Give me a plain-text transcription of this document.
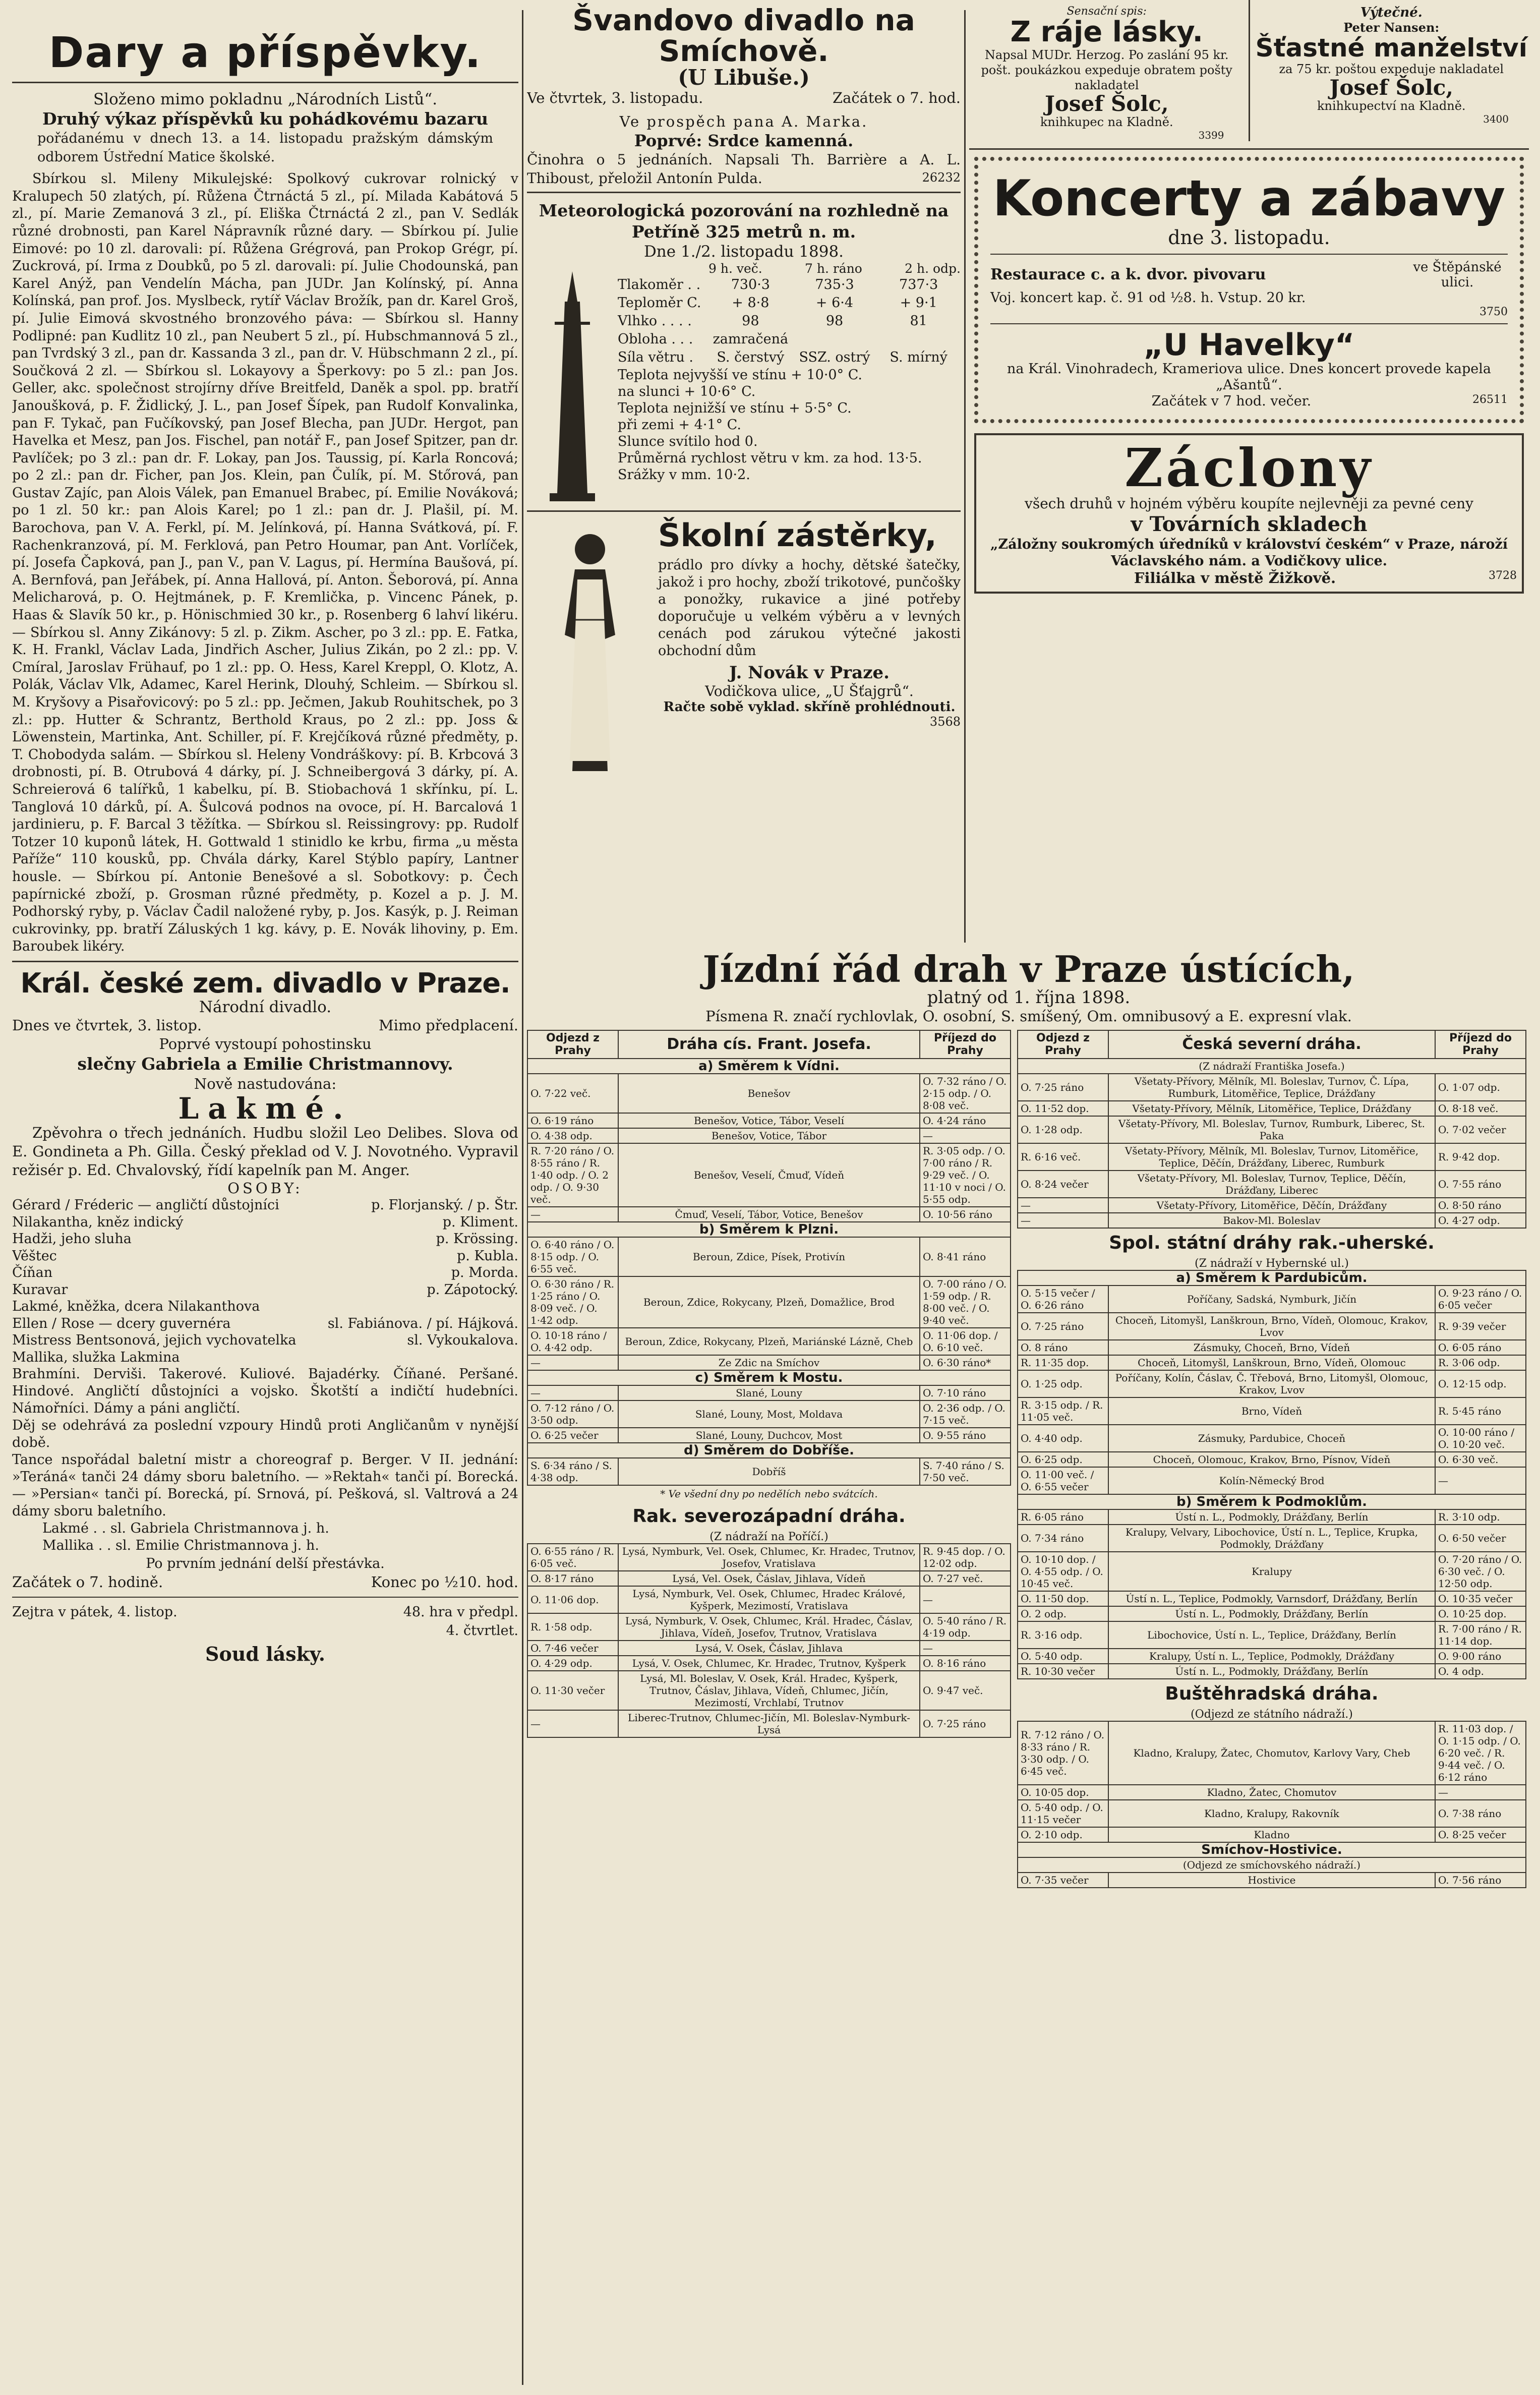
Dary a příspěvky.
Složeno mimo pokladnu „Národních Listů“.
Druhý výkaz příspěvků ku pohádkovému bazaru
pořádanému v dnech 13. a 14. listopadu pražským dámským odborem Ústřední Matice školské.
Sbírkou sl. Mileny Mikulejské: Spolkový cukrovar rolnický v Kralupech 50 zlatých, pí. Růžena Čtrnáctá 5 zl., pí. Milada Kabátová 5 zl., pí. Marie Zemanová 3 zl., pí. Eliška Čtrnáctá 2 zl., pan V. Sedlák různé drobnosti, pan Karel Nápravník různé dary. — Sbírkou pí. Julie Eimové: po 10 zl. darovali: pí. Růžena Grégrová, pan Prokop Grégr, pí. Zuckrová, pí. Irma z Doubků, po 5 zl. darovali: pí. Julie Chodounská, pan Karel Anýž, pan Vendelín Mácha, pan JUDr. Jan Kolínský, pí. Anna Kolínská, pan prof. Jos. Myslbeck, rytíř Václav Brožík, pan dr. Karel Groš, pí. Julie Eimová skvostného bronzového páva: — Sbírkou sl. Hanny Podlipné: pan Kudlitz 10 zl., pan Neubert 5 zl., pí. Hubschmannová 5 zl., pan Tvrdský 3 zl., pan dr. Kassanda 3 zl., pan dr. V. Hübschmann 2 zl., pí. Součková 2 zl. — Sbírkou sl. Lokayovy a Šperkovy: po 5 zl.: pan Jos. Geller, akc. společnost strojírny dříve Breitfeld, Daněk a spol. pp. bratří Janoušková, p. F. Židlický, J. L., pan Josef Šípek, pan Rudolf Konvalinka, pan F. Tykač, pan Fučíkovský, pan Josef Blecha, pan JUDr. Hergot, pan Havelka et Mesz, pan Jos. Fischel, pan notář F., pan Josef Spitzer, pan dr. Pavlíček; po 3 zl.: pan dr. F. Lokay, pan Jos. Taussig, pí. Karla Roncová; po 2 zl.: pan dr. Ficher, pan Jos. Klein, pan Čulík, pí. M. Stőrová, pan Gustav Zajíc, pan Alois Válek, pan Emanuel Brabec, pí. Emilie Nováková; po 1 zl. 50 kr.: pan Alois Karel; po 1 zl.: pan dr. J. Plašil, pí. M. Barochova, pan V. A. Ferkl, pí. M. Jelínková, pí. Hanna Svátková, pí. F. Rachenkranzová, pí. M. Ferklová, pan Petro Houmar, pan Ant. Vorlíček, pí. Josefa Čapková, pan J., pan V., pan V. Lagus, pí. Hermína Baušová, pí. A. Bernfová, pan Jeřábek, pí. Anna Hallová, pí. Anton. Šeborová, pí. Anna Melicharová, p. O. Hejtmánek, p. F. Kremlička, p. Vincenc Pánek, p. Haas & Slavík 50 kr., p. Hönischmied 30 kr., p. Rosenberg 6 lahví likéru. — Sbírkou sl. Anny Zikánovy: 5 zl. p. Zikm. Ascher, po 3 zl.: pp. E. Fatka, K. H. Frankl, Václav Lada, Jindřich Ascher, Julius Zikán, po 2 zl.: pp. V. Cmíral, Jaroslav Frühauf, po 1 zl.: pp. O. Hess, Karel Kreppl, O. Klotz, A. Polák, Václav Vlk, Adamec, Karel Herink, Dlouhý, Schleim. — Sbírkou sl. M. Kryšovy a Pisařovicový: po 5 zl.: pp. Ječmen, Jakub Rouhitschek, po 3 zl.: pp. Hutter & Schrantz, Berthold Kraus, po 2 zl.: pp. Joss & Löwenstein, Martinka, Ant. Schiller, pí. F. Krejčíková různé předměty, p. T. Chobodyda salám. — Sbírkou sl. Heleny Vondráškovy: pí. B. Krbcová 3 drobnosti, pí. B. Otrubová 4 dárky, pí. J. Schneibergová 3 dárky, pí. A. Schreierová 6 talířků, 1 kabelku, pí. B. Stiobachová 1 skřínku, pí. L. Tanglová 10 dárků, pí. A. Šulcová podnos na ovoce, pí. H. Barcalová 1 jardinieru, p. F. Barcal 3 těžítka. — Sbírkou sl. Reissingrovy: pp. Rudolf Totzer 10 kuponů látek, H. Gottwald 1 stinidlo ke krbu, firma „u města Paříže“ 110 kousků, pp. Chvála dárky, Karel Stýblo papíry, Lantner housle. — Sbírkou pí. Antonie Benešové a sl. Sobotkovy: p. Čech papírnické zboží, p. Grosman různé předměty, p. Kozel a p. J. M. Podhorský ryby, p. Václav Čadil naložené ryby, p. Jos. Kasýk, p. J. Reiman cukrovinky, pp. bratří Záluských 1 kg. kávy, p. E. Novák lihoviny, p. Em. Baroubek likéry.
Král. české zem. divadlo v Praze.
Národní divadlo.
Dnes ve čtvrtek, 3. listop.	Mimo předplacení.
Poprvé vystoupí pohostinsku
slečny Gabriela a Emilie Christmannovy.
Nově nastudována:
Lakmé.
Zpěvohra o třech jednáních. Hudbu složil Leo Delibes. Slova od E. Gondineta a Ph. Gilla. Český překlad od V. J. Novotného. Vypravil režisér p. Ed. Chvalovský, řídí kapelník pan M. Anger.
OSOBY:
Gérard / Fréderic — angličtí důstojníci	p. Florjanský. / p. Štr.
Nilakantha, kněz indický	p. Kliment.
Hadži, jeho sluha	p. Krössing.
Věštec	p. Kubla.
Číňan	p. Morda.
Kuravar	p. Zápotocký.
Lakmé, kněžka, dcera Nilakanthova
Ellen / Rose — dcery guvernéra	sl. Fabiánova. / pí. Hájková.
Mistress Bentsonová, jejich vychovatelka	sl. Vykoukalova.
Mallika, služka Lakmina
Brahmíni. Derviši. Takerové. Kuliové. Bajadérky. Číňané. Peršané. Hindové. Angličtí důstojníci a vojsko. Škotští a indičtí hudebníci. Námořníci. Dámy a páni angličtí.
Děj se odehrává za poslední vzpoury Hindů proti Angličanům v nynější době.
Tance nspořádal baletní mistr a choreograf p. Berger. V II. jednání: »Teráná« tanči 24 dámy sboru baletního. — »Rektah« tanči pí. Borecká. — »Persian« tanči pí. Borecká, pí. Srnová, pí. Pešková, sl. Valtrová a 24 dámy sboru baletního.
Lakmé . . sl. Gabriela Christmannova j. h.
Mallika . . sl. Emilie Christmannova j. h.
Po prvním jednání delší přestávka.
Začátek o 7. hodině.	Konec po ½10. hod.
Zejtra v pátek, 4. listop.	48. hra v předpl. 4. čtvrtlet.
Soud lásky.
Švandovo divadlo na Smíchově.
(U Libuše.)
Ve čtvrtek, 3. listopadu.	Začátek o 7. hod.
Ve prospěch pana A. Marka.
Poprvé: Srdce kamenná.
Činohra o 5 jednáních. Napsali Th. Barrière a A. L. Thiboust, přeložil Antonín Pulda.	26232
Meteorologická pozorování na rozhledně na Petříně 325 metrů n. m.
Dne 1./2. listopadu 1898.
9 h. več.	7 h. ráno	2 h. odp.
Tlakoměr . .	730·3	735·3	737·3
Teploměr C.	+ 8·8	+ 6·4	+ 9·1
Vlhko . . . .	98	98	81
Obloha . . .	zamračená
Síla větru .	S. čerstvý	SSZ. ostrý	S. mírný
Teplota nejvyšší ve stínu + 10·0° C.
na slunci + 10·6° C.
Teplota nejnižší ve stínu + 5·5° C.
při zemi + 4·1° C.
Slunce svítilo hod 0.
Průměrná rychlost větru v km. za hod. 13·5.
Srážky v mm. 10·2.
Školní zástěrky,
prádlo pro dívky a hochy, dětské šatečky, jakož i pro hochy, zboží trikotové, punčošky a ponožky, rukavice a jiné potřeby doporučuje u velkém výběru a v levných cenách pod zárukou výtečné jakosti obchodní dům
J. Novák v Praze.
Vodičkova ulice, „U Šťajgrů“.
Račte sobě vyklad. skříně prohlédnouti.
3568
Sensační spis:
Z ráje lásky.
Napsal MUDr. Herzog. Po zaslání 95 kr. pošt. poukázkou expeduje obratem pošty nakladatel
Josef Šolc,
knihkupec na Kladně.
3399
Výtečné.
Peter Nansen:
Šťastné manželství
za 75 kr. poštou expeduje nakladatel
Josef Šolc,
knihkupectví na Kladně.
3400
Koncerty a zábavy
dne 3. listopadu.
Restaurace c. a k. dvor. pivovaru	ve Štěpánské ulici.
Voj. koncert kap. č. 91 od ½8. h. Vstup. 20 kr.
3750
„U Havelky“
na Král. Vinohradech, Krameriova ulice. Dnes koncert provede kapela „Ašantů“.
Začátek v 7 hod. večer.	26511
Záclony
všech druhů v hojném výběru koupíte nejlevněji za pevné ceny
v Továrních skladech
„Záložny soukromých úředníků v království českém“ v Praze, nároží Václavského nám. a Vodičkovy ulice.
Filiálka v městě Žižkově.	3728
Jízdní řád drah v Praze ústících,
platný od 1. října 1898.
Písmena R. značí rychlovlak, O. osobní, S. smíšený, Om. omnibusový a E. expresní vlak.
Odjezd z Prahy	Dráha cís. Frant. Josefa.	Příjezd do Prahy
a) Směrem k Vídni.		
O. 7·22 več.	Benešov	O. 7·32 ráno / O. 2·15 odp. / O. 8·08 več.
O. 6·19 ráno	Benešov, Votice, Tábor, Veselí	O. 4·24 ráno
O. 4·38 odp.	Benešov, Votice, Tábor	—
R. 7·20 ráno / O. 8·55 ráno / R. 1·40 odp. / O. 2 odp. / O. 9·30 več.	Benešov, Veselí, Čmuď, Vídeň	R. 3·05 odp. / O. 7·00 ráno / R. 9·29 več. / O. 11·10 v noci / O. 5·55 odp.
—	Čmuď, Veselí, Tábor, Votice, Benešov	O. 10·56 ráno
b) Směrem k Plzni.		
O. 6·40 ráno / O. 8·15 odp. / O. 6·55 več.	Beroun, Zdice, Písek, Protivín	O. 8·41 ráno
O. 6·30 ráno / R. 1·25 ráno / O. 8·09 več. / O. 1·42 odp.	Beroun, Zdice, Rokycany, Plzeň, Domažlice, Brod	O. 7·00 ráno / O. 1·59 odp. / R. 8·00 več. / O. 9·40 več.
O. 10·18 ráno / O. 4·42 odp.	Beroun, Zdice, Rokycany, Plzeň, Mariánské Lázně, Cheb	O. 11·06 dop. / O. 6·10 več.
—	Ze Zdic na Smíchov	O. 6·30 ráno*
c) Směrem k Mostu.		
—	Slané, Louny	O. 7·10 ráno
O. 7·12 ráno / O. 3·50 odp.	Slané, Louny, Most, Moldava	O. 2·36 odp. / O. 7·15 več.
O. 6·25 večer	Slané, Louny, Duchcov, Most	O. 9·55 ráno
d) Směrem do Dobříše.		
S. 6·34 ráno / S. 4·38 odp.	Dobříš	S. 7·40 ráno / S. 7·50 več.
* Ve všední dny po nedělích nebo svátcích.
Rak. severozápadní dráha.
(Z nádraží na Poříčí.)
O. 6·55 ráno / R. 6·05 več.	Lysá, Nymburk, Vel. Osek, Chlumec, Kr. Hradec, Trutnov, Josefov, Vratislava	R. 9·45 dop. / O. 12·02 odp.
O. 8·17 ráno	Lysá, Vel. Osek, Čáslav, Jihlava, Vídeň	O. 7·27 več.
O. 11·06 dop.	Lysá, Nymburk, Vel. Osek, Chlumec, Hradec Králové, Kyšperk, Mezimostí, Vratislava	—
R. 1·58 odp.	Lysá, Nymburk, V. Osek, Chlumec, Král. Hradec, Čáslav, Jihlava, Vídeň, Josefov, Trutnov, Vratislava	O. 5·40 ráno / R. 4·19 odp.
O. 7·46 večer	Lysá, V. Osek, Čáslav, Jihlava	—
O. 4·29 odp.	Lysá, V. Osek, Chlumec, Kr. Hradec, Trutnov, Kyšperk	O. 8·16 ráno
O. 11·30 večer	Lysá, Ml. Boleslav, V. Osek, Král. Hradec, Kyšperk, Trutnov, Čáslav, Jihlava, Vídeň, Chlumec, Jičín, Mezimostí, Vrchlabí, Trutnov	O. 9·47 več.
—	Liberec-Trutnov, Chlumec-Jičín, Ml. Boleslav-Nymburk-Lysá	O. 7·25 ráno
Odjezd z Prahy	Česká severní dráha.	Příjezd do Prahy
(Z nádraží Františka Josefa.)		
O. 7·25 ráno	Všetaty-Přívory, Mělník, Ml. Boleslav, Turnov, Č. Lípa, Rumburk, Litoměřice, Teplice, Drážďany	O. 1·07 odp.
O. 11·52 dop.	Všetaty-Přívory, Mělník, Litoměřice, Teplice, Drážďany	O. 8·18 več.
O. 1·28 odp.	Všetaty-Přívory, Ml. Boleslav, Turnov, Rumburk, Liberec, St. Paka	O. 7·02 večer
R. 6·16 več.	Všetaty-Přívory, Mělník, Ml. Boleslav, Turnov, Litoměřice, Teplice, Děčín, Drážďany, Liberec, Rumburk	R. 9·42 dop.
O. 8·24 večer	Všetaty-Přívory, Ml. Boleslav, Turnov, Teplice, Děčín, Drážďany, Liberec	O. 7·55 ráno
—	Všetaty-Přívory, Litoměřice, Děčín, Drážďany	O. 8·50 ráno
—	Bakov-Ml. Boleslav	O. 4·27 odp.
Spol. státní dráhy rak.-uherské.
(Z nádraží v Hybernské ul.)
a) Směrem k Pardubicům.		
O. 5·15 večer / O. 6·26 ráno	Poříčany, Sadská, Nymburk, Jičín	O. 9·23 ráno / O. 6·05 večer
O. 7·25 ráno	Choceň, Litomyšl, Lanškroun, Brno, Vídeň, Olomouc, Krakov, Lvov	R. 9·39 večer
O. 8 ráno	Zásmuky, Choceň, Brno, Vídeň	O. 6·05 ráno
R. 11·35 dop.	Choceň, Litomyšl, Lanškroun, Brno, Vídeň, Olomouc	R. 3·06 odp.
O. 1·25 odp.	Poříčany, Kolín, Čáslav, Č. Třebová, Brno, Litomyšl, Olomouc, Krakov, Lvov	O. 12·15 odp.
R. 3·15 odp. / R. 11·05 več.	Brno, Vídeň	R. 5·45 ráno
O. 4·40 odp.	Zásmuky, Pardubice, Choceň	O. 10·00 ráno / O. 10·20 več.
O. 6·25 odp.	Choceň, Olomouc, Krakov, Brno, Písnov, Vídeň	O. 6·30 več.
O. 11·00 več. / O. 6·55 večer	Kolín-Německý Brod	—
b) Směrem k Podmoklům.		
R. 6·05 ráno	Ústí n. L., Podmokly, Drážďany, Berlín	R. 3·10 odp.
O. 7·34 ráno	Kralupy, Velvary, Libochovice, Ústí n. L., Teplice, Krupka, Podmokly, Drážďany	O. 6·50 večer
O. 10·10 dop. / O. 4·55 odp. / O. 10·45 več.	Kralupy	O. 7·20 ráno / O. 6·30 več. / O. 12·50 odp.
O. 11·50 dop.	Ústí n. L., Teplice, Podmokly, Varnsdorf, Drážďany, Berlín	O. 10·35 večer
O. 2 odp.	Ústí n. L., Podmokly, Drážďany, Berlín	O. 10·25 dop.
R. 3·16 odp.	Libochovice, Ústí n. L., Teplice, Drážďany, Berlín	R. 7·00 ráno / R. 11·14 dop.
O. 5·40 odp.	Kralupy, Ústí n. L., Teplice, Podmokly, Drážďany	O. 9·00 ráno
R. 10·30 večer	Ústí n. L., Podmokly, Drážďany, Berlín	O. 4 odp.
Buštěhradská dráha.
(Odjezd ze státního nádraží.)
R. 7·12 ráno / O. 8·33 ráno / R. 3·30 odp. / O. 6·45 več.	Kladno, Kralupy, Žatec, Chomutov, Karlovy Vary, Cheb	R. 11·03 dop. / O. 1·15 odp. / O. 6·20 več. / R. 9·44 več. / O. 6·12 ráno
O. 10·05 dop.	Kladno, Žatec, Chomutov	—
O. 5·40 odp. / O. 11·15 večer	Kladno, Kralupy, Rakovník	O. 7·38 ráno
O. 2·10 odp.	Kladno	O. 8·25 večer
Smíchov-Hostivice.		
(Odjezd ze smíchovského nádraží.)		
O. 7·35 večer	Hostivice	O. 7·56 ráno
